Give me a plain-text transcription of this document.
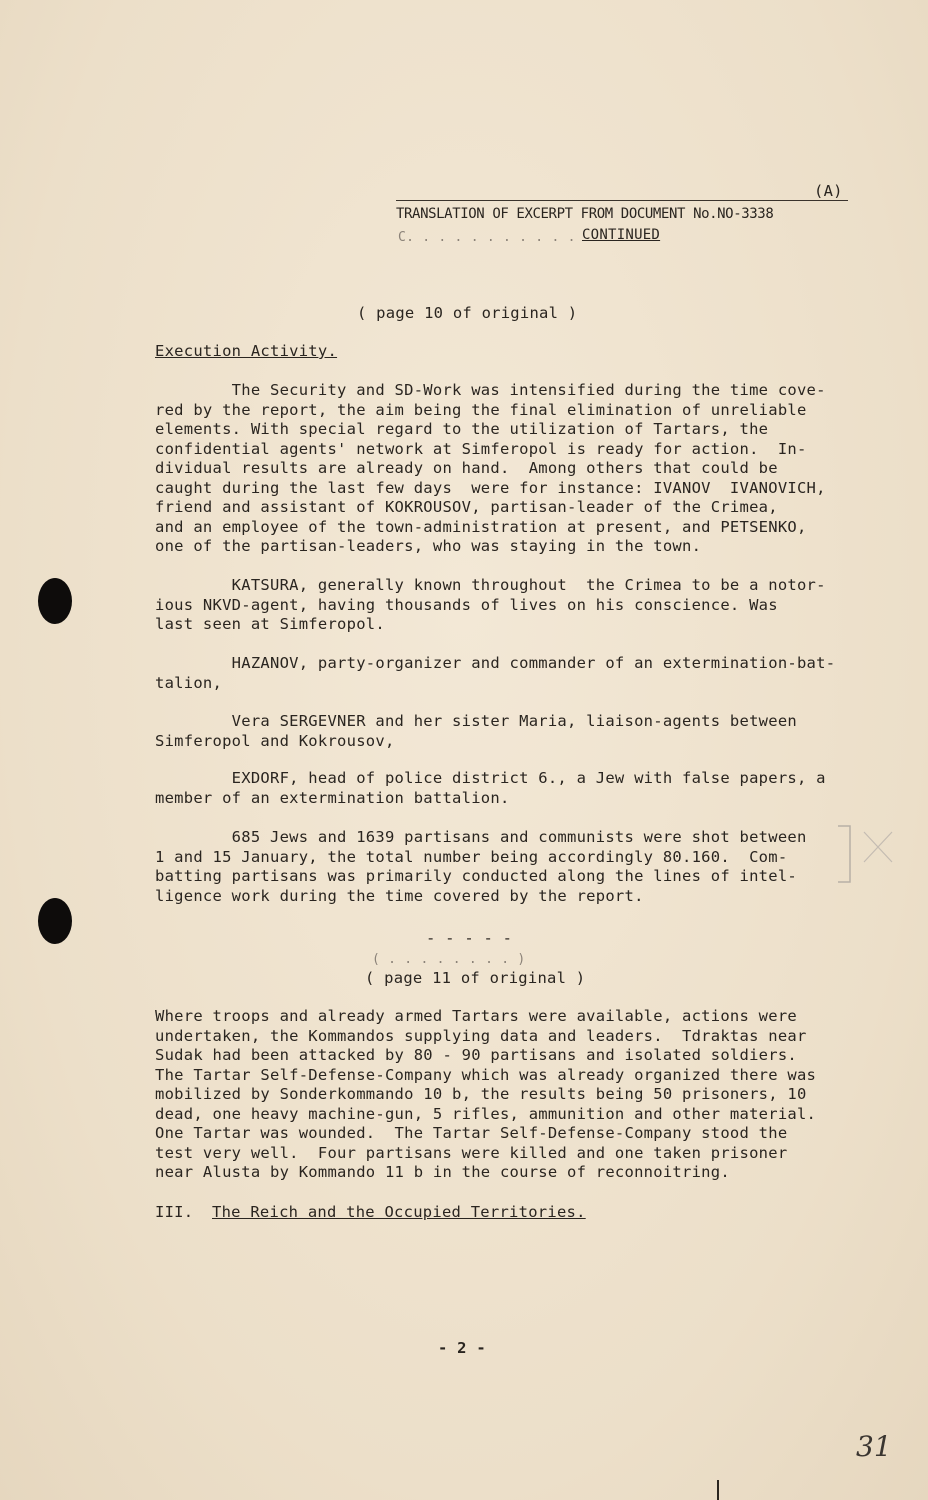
(A)
TRANSLATION OF EXCERPT FROM DOCUMENT No.NO-3338
C. . . . . . . . . . . CONTINUED
( page 10 of original )
Execution Activity.
The Security and SD-Work was intensified during the time cove-
red by the report, the aim being the final elimination of unreliable
elements. With special regard to the utilization of Tartars, the
confidential agents' network at Simferopol is ready for action.  In-
dividual results are already on hand.  Among others that could be
caught during the last few days  were for instance: IVANOV  IVANOVICH,
friend and assistant of KOKROUSOV, partisan-leader of the Crimea,
and an employee of the town-administration at present, and PETSENKO,
one of the partisan-leaders, who was staying in the town.
KATSURA, generally known throughout  the Crimea to be a notor-
ious NKVD-agent, having thousands of lives on his conscience. Was
last seen at Simferopol.
HAZANOV, party-organizer and commander of an extermination-bat-
talion,
Vera SERGEVNER and her sister Maria, liaison-agents between
Simferopol and Kokrousov,
EXDORF, head of police district 6., a Jew with false papers, a
member of an extermination battalion.
685 Jews and 1639 partisans and communists were shot between
1 and 15 January, the total number being accordingly 80.160.  Com-
batting partisans was primarily conducted along the lines of intel-
ligence work during the time covered by the report.
- - - - -
( . . . . . . . . )
( page 11 of original )
Where troops and already armed Tartars were available, actions were
undertaken, the Kommandos supplying data and leaders.  Tdraktas near
Sudak had been attacked by 80 - 90 partisans and isolated soldiers.
The Tartar Self-Defense-Company which was already organized there was
mobilized by Sonderkommando 10 b, the results being 50 prisoners, 10
dead, one heavy machine-gun, 5 rifles, ammunition and other material.
One Tartar was wounded.  The Tartar Self-Defense-Company stood the
test very well.  Four partisans were killed and one taken prisoner
near Alusta by Kommando 11 b in the course of reconnoitring.
III. The Reich and the Occupied Territories.
- 2 -
31
